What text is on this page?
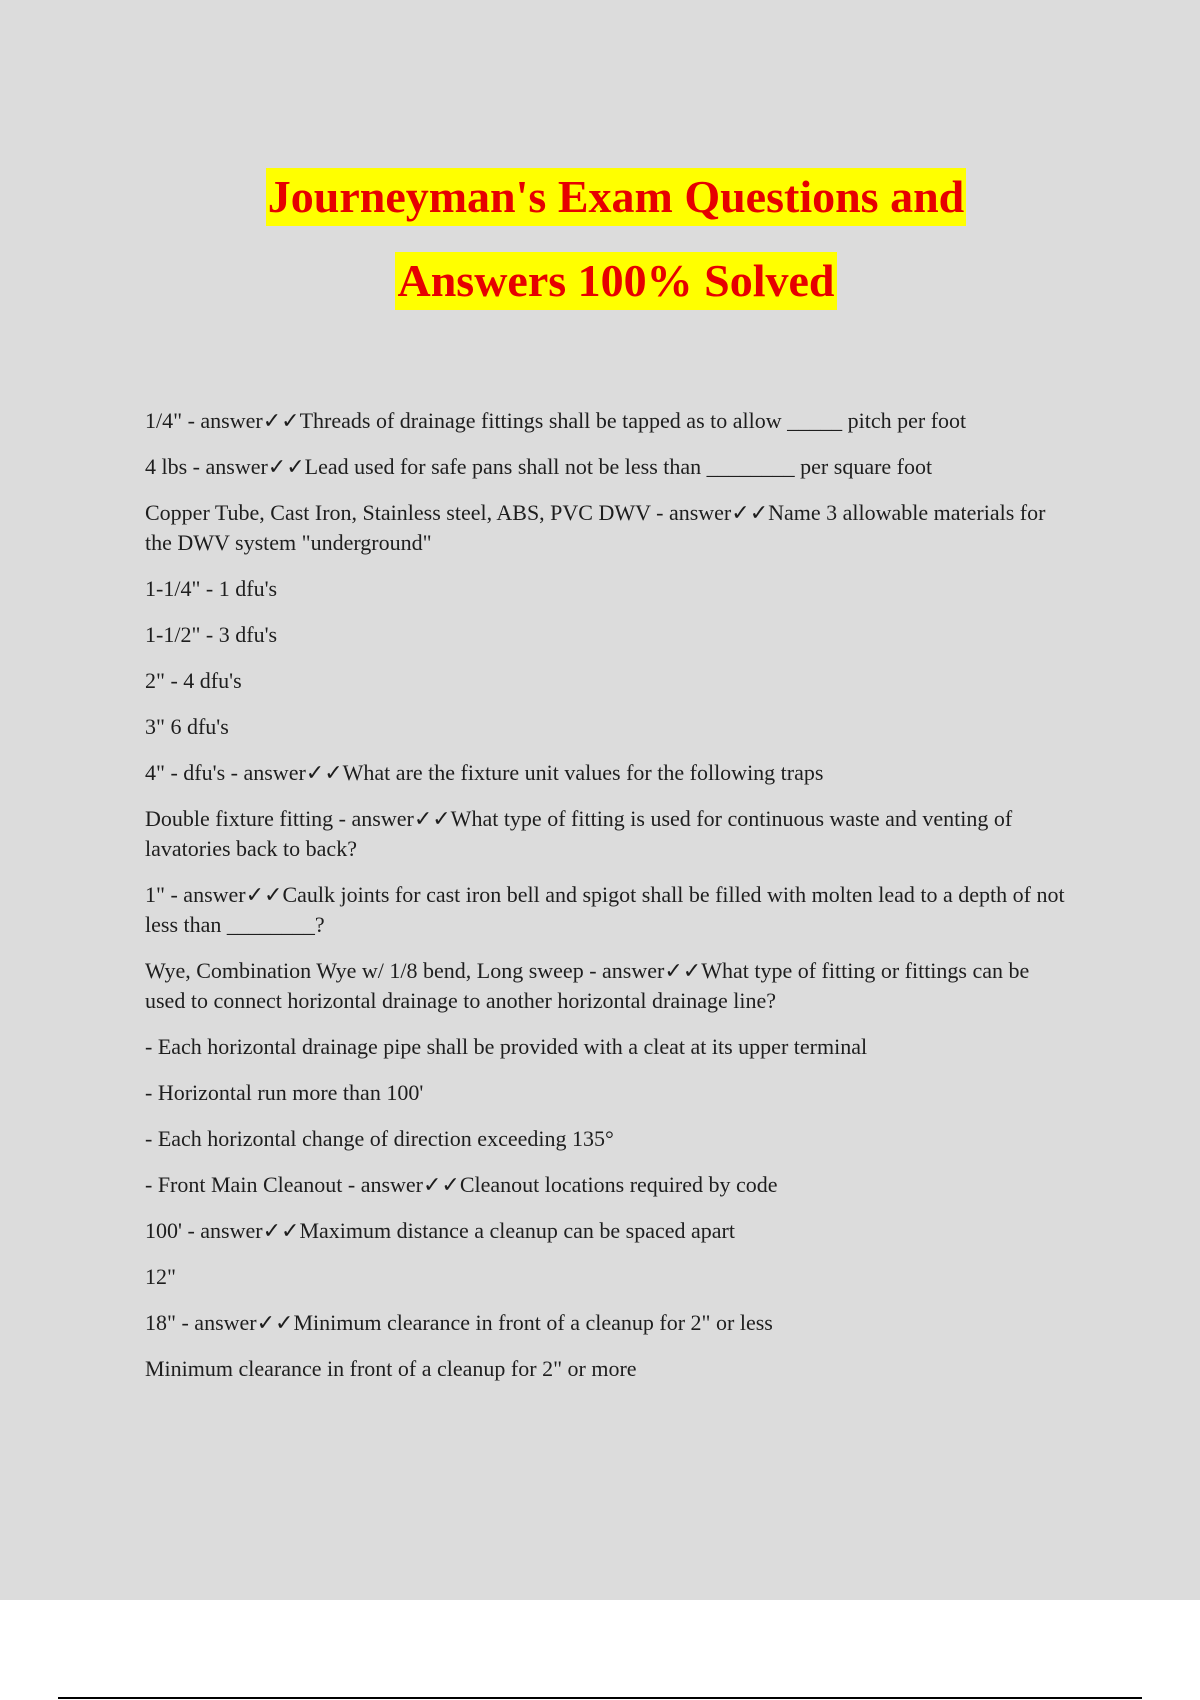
Journeyman's Exam Questions and
Answers 100% Solved

1/4" - answer✓✓Threads of drainage fittings shall be tapped as to allow _____ pitch per foot

4 lbs - answer✓✓Lead used for safe pans shall not be less than ________ per square foot

Copper Tube, Cast Iron, Stainless steel, ABS, PVC DWV - answer✓✓Name 3 allowable materials for the DWV system "underground"

1-1/4" - 1 dfu's

1-1/2" - 3 dfu's

2" - 4 dfu's

3" 6 dfu's

4" - dfu's - answer✓✓What are the fixture unit values for the following traps

Double fixture fitting - answer✓✓What type of fitting is used for continuous waste and venting of lavatories back to back?

1" - answer✓✓Caulk joints for cast iron bell and spigot shall be filled with molten lead to a depth of not less than ________?

Wye, Combination Wye w/ 1/8 bend, Long sweep - answer✓✓What type of fitting or fittings can be used to connect horizontal drainage to another horizontal drainage line?

- Each horizontal drainage pipe shall be provided with a cleat at its upper terminal

- Horizontal run more than 100'

- Each horizontal change of direction exceeding 135°

- Front Main Cleanout - answer✓✓Cleanout locations required by code

100' - answer✓✓Maximum distance a cleanup can be spaced apart

12"

18" - answer✓✓Minimum clearance in front of a cleanup for 2" or less

Minimum clearance in front of a cleanup for 2" or more
